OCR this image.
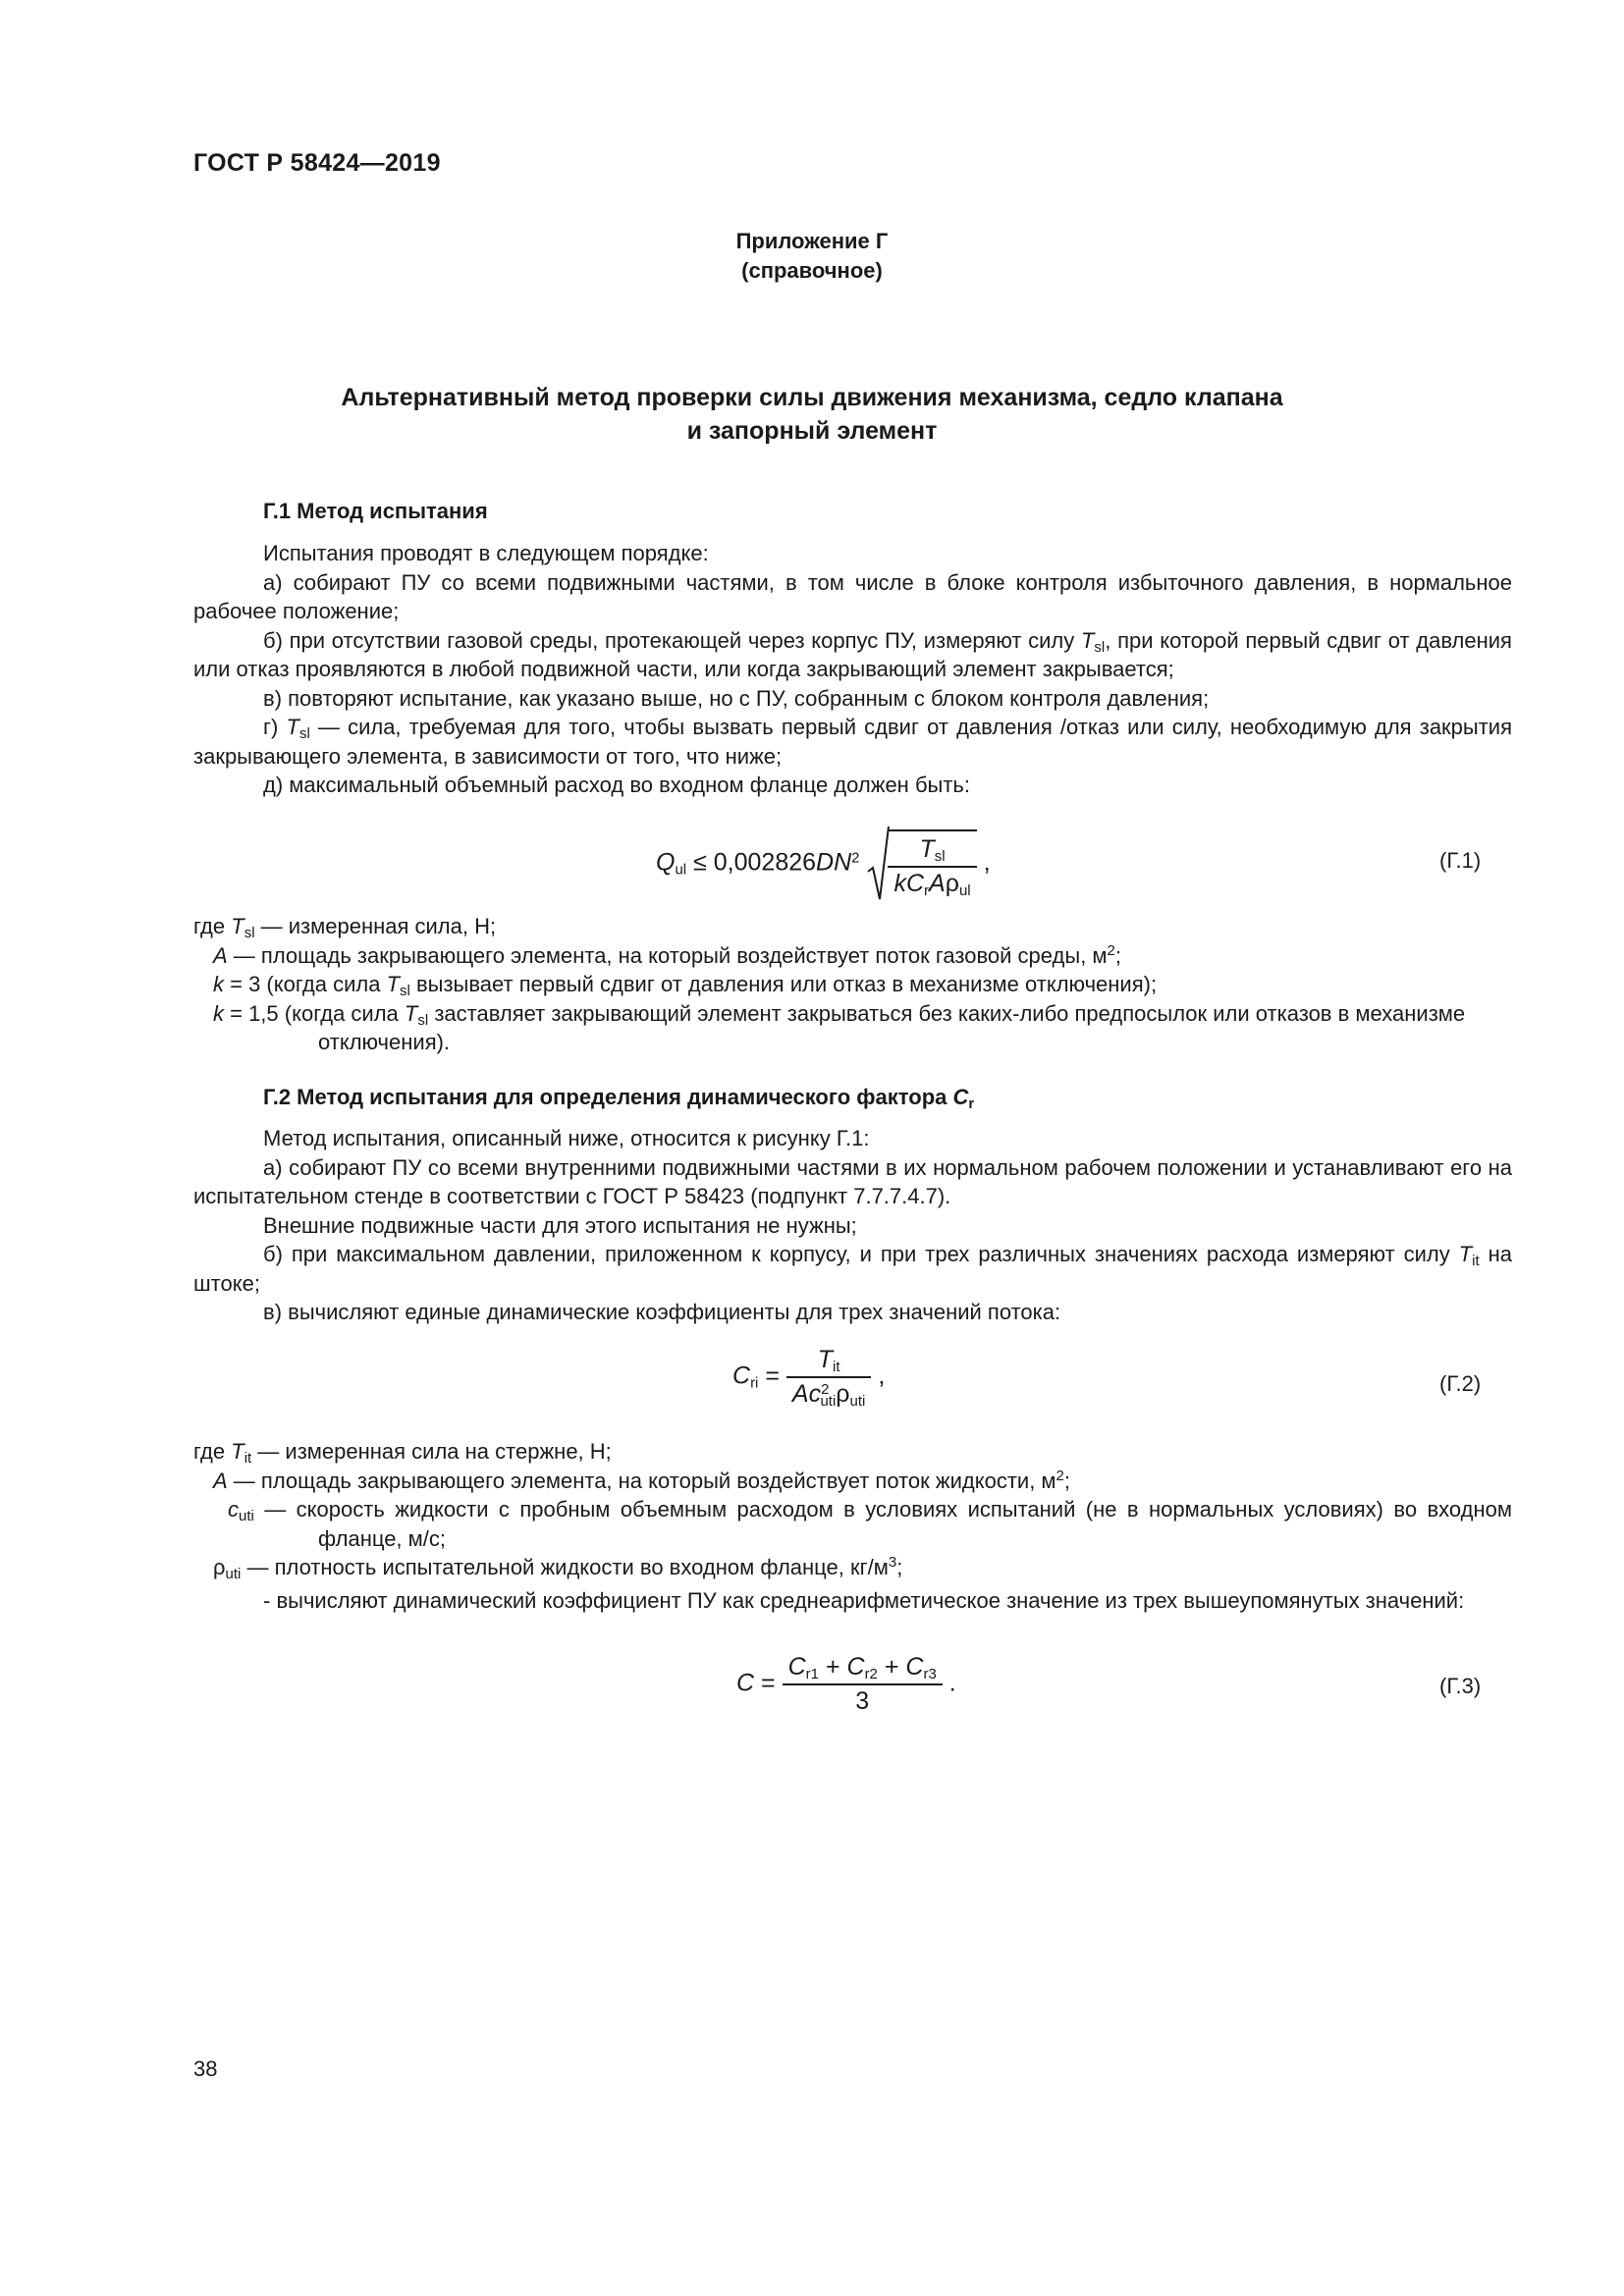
ГОСТ Р 58424—2019
Приложение Г
(справочное)
Альтернативный метод проверки силы движения механизма, седло клапана
и запорный элемент
Г.1 Метод испытания

Испытания проводят в следующем порядке:

а) собирают ПУ со всеми подвижными частями, в том числе в блоке контроля избыточного давления, в нормальное рабочее положение;

б) при отсутствии газовой среды, протекающей через корпус ПУ, измеряют силу $T_{sl}$, при которой первый сдвиг от давления или отказ проявляются в любой подвижной части, или когда закрывающий элемент закрывается;

в) повторяют испытание, как указано выше, но с ПУ, собранным с блоком контроля давления;

г) $T_{sl}$ — сила, требуемая для того, чтобы вызвать первый сдвиг от давления /отказ или силу, необходимую для закрытия закрывающего элемента, в зависимости от того, что ниже;

д) максимальный объемный расход во входном фланце должен быть:

$Q_{ul} \le 0,002826DN^2 \frac{T_{sl}}{kC_rA\rho_{ul}}$ ,	(Г.1)

где $T_{sl}$ — измеренная сила, Н;

A — площадь закрывающего элемента, на который воздействует поток газовой среды, $м^2$;

k = 3 (когда сила $T_{sl}$ вызывает первый сдвиг от давления или отказ в механизме отключения);

k = 1,5 (когда сила $T_{sl}$ заставляет закрывающий элемент закрываться без каких-либо предпосылок или отказов в механизме отключения).

Г.2 Метод испытания для определения динамического фактора $C_r$

Метод испытания, описанный ниже, относится к рисунку Г.1:

а) собирают ПУ со всеми внутренними подвижными частями в их нормальном рабочем положении и устанавливают его на испытательном стенде в соответствии с ГОСТ Р 58423 (подпункт 7.7.7.4.7).

Внешние подвижные части для этого испытания не нужны;

б) при максимальном давлении, приложенном к корпусу, и при трех различных значениях расхода измеряют силу $T_{it}$ на штоке;

в) вычисляют единые динамические коэффициенты для трех значений потока:

$C_{ri} = \frac{T_{it}}{Ac^2_{uti}\rho_{uti}}$ ,	(Г.2)

где $T_{it}$ — измеренная сила на стержне, Н;

A — площадь закрывающего элемента, на который воздействует поток жидкости, $м^2$;

$c_{uti}$ — скорость жидкости с пробным объемным расходом в условиях испытаний (не в нормальных условиях) во входном фланце, м/с;

$\rho_{uti}$ — плотность испытательной жидкости во входном фланце, $кг/м^3$;

- вычисляют динамический коэффициент ПУ как среднеарифметическое значение из трех вышеупомянутых значений:

$C = \frac{C_{r1} + C_{r2} + C_{r3}}{3}$ .	(Г.3)
38
